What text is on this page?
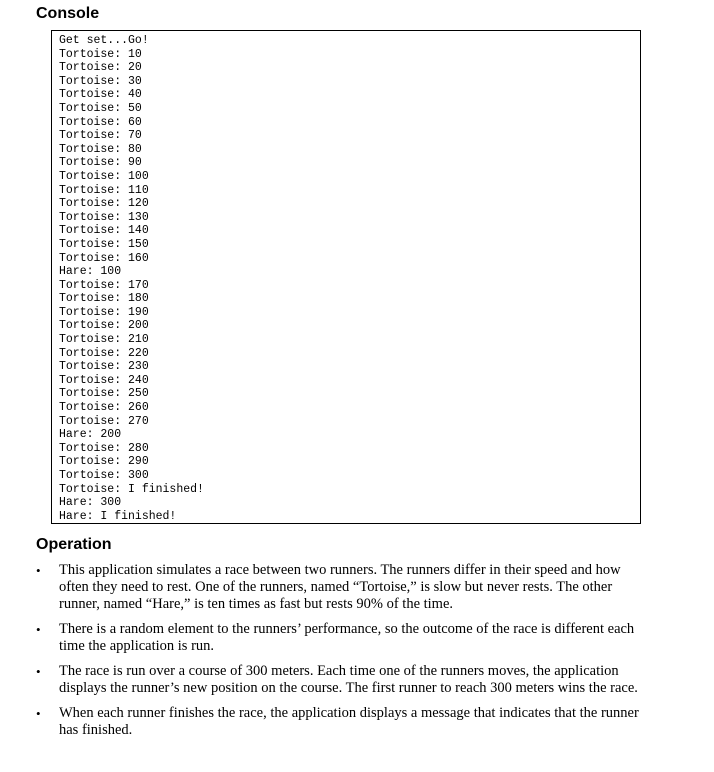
Console
Get set...Go!
Tortoise: 10
Tortoise: 20
Tortoise: 30
Tortoise: 40
Tortoise: 50
Tortoise: 60
Tortoise: 70
Tortoise: 80
Tortoise: 90
Tortoise: 100
Tortoise: 110
Tortoise: 120
Tortoise: 130
Tortoise: 140
Tortoise: 150
Tortoise: 160
Hare: 100
Tortoise: 170
Tortoise: 180
Tortoise: 190
Tortoise: 200
Tortoise: 210
Tortoise: 220
Tortoise: 230
Tortoise: 240
Tortoise: 250
Tortoise: 260
Tortoise: 270
Hare: 200
Tortoise: 280
Tortoise: 290
Tortoise: 300
Tortoise: I finished!
Hare: 300
Hare: I finished!
Operation
• This application simulates a race between two runners. The runners differ in their speed and how often they need to rest. One of the runners, named “Tortoise,” is slow but never rests. The other runner, named “Hare,” is ten times as fast but rests 90% of the time.
• There is a random element to the runners’ performance, so the outcome of the race is different each time the application is run.
• The race is run over a course of 300 meters. Each time one of the runners moves, the application displays the runner’s new position on the course. The first runner to reach 300 meters wins the race.
• When each runner finishes the race, the application displays a message that indicates that the runner has finished.
